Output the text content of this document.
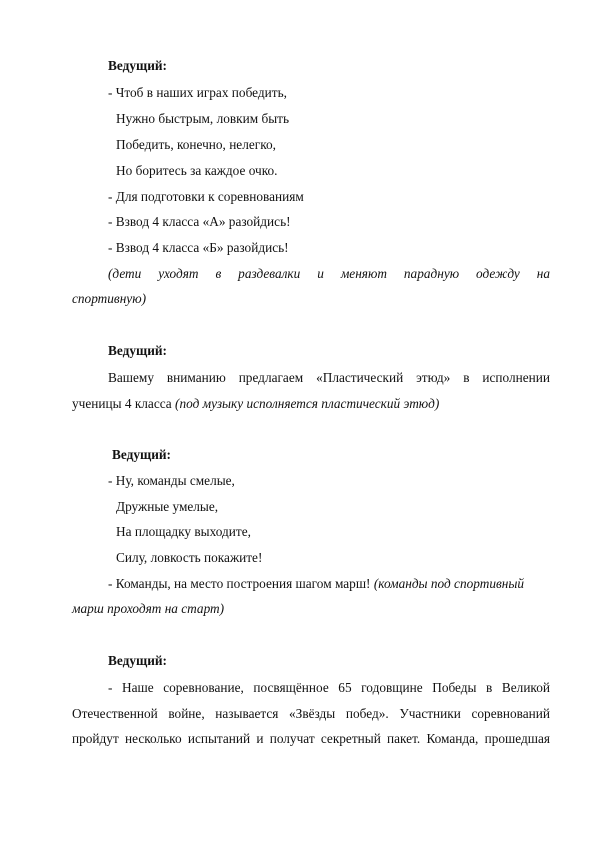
Ведущий:
- Чтоб в наших играх победить,
Нужно быстрым, ловким быть
Победить, конечно, нелегко,
Но боритесь за каждое очко.
- Для подготовки к соревнованиям
- Взвод 4 класса «А» разойдись!
- Взвод 4 класса «Б» разойдись!
(дети уходят в раздевалки и меняют парадную одежду на
спортивную)
Ведущий:
Вашему вниманию предлагаем «Пластический этюд» в исполнении
ученицы 4 класса (под музыку исполняется пластический этюд)
Ведущий:
- Ну, команды смелые,
Дружные умелые,
На площадку выходите,
Силу, ловкость покажите!
- Команды, на место построения шагом марш! (команды под спортивный
марш проходят на старт)
Ведущий:
- Наше соревнование, посвящённое 65 годовщине Победы в Великой
Отечественной войне, называется «Звёзды побед». Участники соревнований
пройдут несколько испытаний и получат секретный пакет. Команда, прошедшая
